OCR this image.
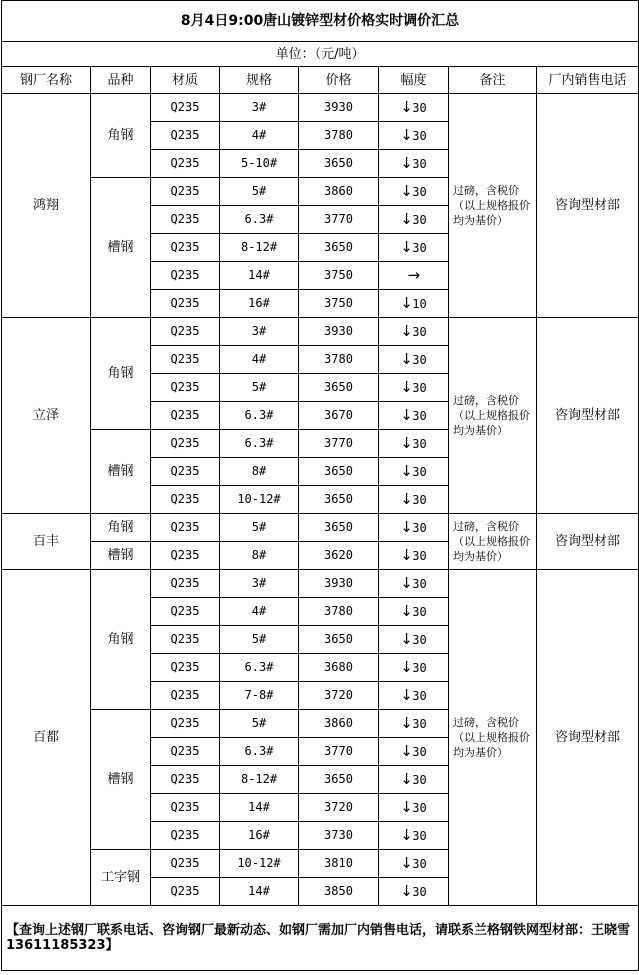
8月4日9:00唐山镀锌型材价格实时调价汇总							
单位：（元/吨）							
钢厂名称	品种	材质	规格	价格	幅度	备注	厂内销售电话
鸿翔	角钢	Q235	3#	3930	↓30	过磅，含税价（以上规格报价均为基价）	咨询型材部
		Q235	4#	3780	↓30		
		Q235	5-10#	3650	↓30		
	槽钢	Q235	5#	3860	↓30		
		Q235	6.3#	3770	↓30		
		Q235	8-12#	3650	↓30		
		Q235	14#	3750	→		
		Q235	16#	3750	↓10		
立泽	角钢	Q235	3#	3930	↓30	过磅，含税价（以上规格报价均为基价）	咨询型材部
		Q235	4#	3780	↓30		
		Q235	5#	3650	↓30		
		Q235	6.3#	3670	↓30		
	槽钢	Q235	6.3#	3770	↓30		
		Q235	8#	3650	↓30		
		Q235	10-12#	3650	↓30		
百丰	角钢	Q235	5#	3650	↓30	过磅，含税价（以上规格报价均为基价）	咨询型材部
	槽钢	Q235	8#	3620	↓30		
百都	角钢	Q235	3#	3930	↓30	过磅，含税价（以上规格报价均为基价）	咨询型材部
		Q235	4#	3780	↓30		
		Q235	5#	3650	↓30		
		Q235	6.3#	3680	↓30		
		Q235	7-8#	3720	↓30		
	槽钢	Q235	5#	3860	↓30		
		Q235	6.3#	3770	↓30		
		Q235	8-12#	3650	↓30		
		Q235	14#	3720	↓30		
		Q235	16#	3730	↓30		
	工字钢	Q235	10-12#	3810	↓30		
		Q235	14#	3850	↓30		
【查询上述钢厂联系电话、咨询钢厂最新动态、如钢厂需加厂内销售电话，请联系兰格钢铁网型材部：王晓雪13611185323】							
